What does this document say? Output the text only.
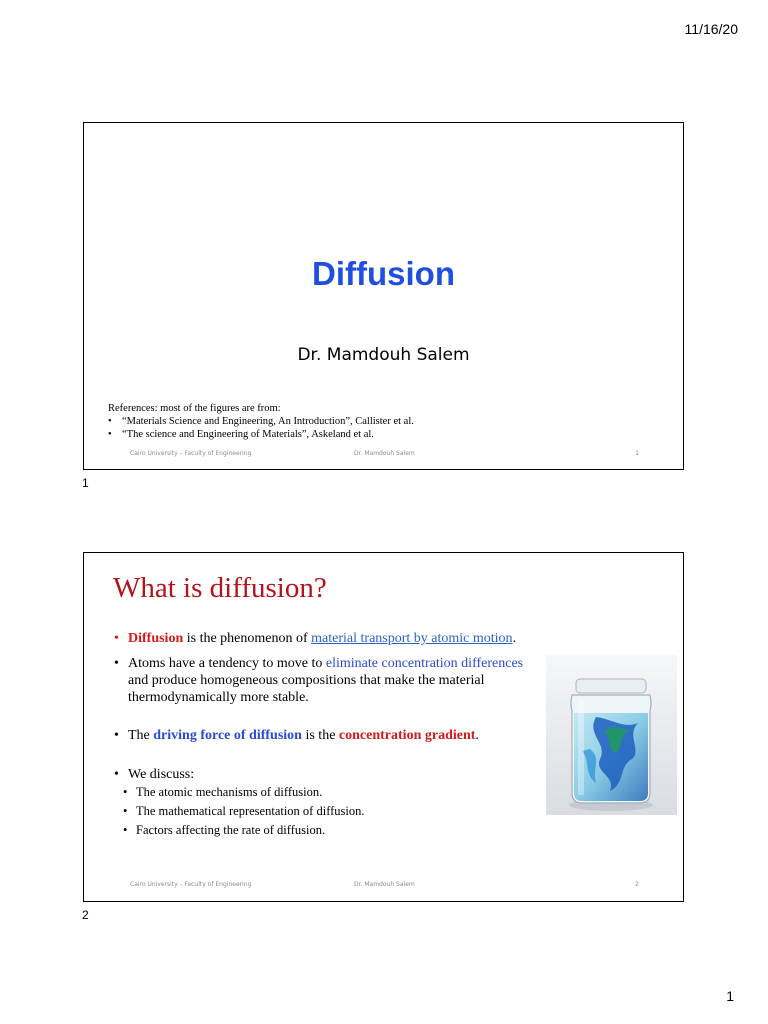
11/16/20
Diffusion
Dr. Mamdouh Salem
References: most of the figures are from:
• “Materials Science and Engineering, An Introduction”, Callister et al.
• “The science and Engineering of Materials”, Askeland et al.
Cairo University – Faculty of Engineering	Dr. Mamdouh Salem	1
1
What is diffusion?
• Diffusion is the phenomenon of material transport by atomic motion.
• Atoms have a tendency to move to eliminate concentration differences and produce homogeneous compositions that make the material thermodynamically more stable.
• The driving force of diffusion is the concentration gradient.
• We discuss:
• The atomic mechanisms of diffusion.
• The mathematical representation of diffusion.
• Factors affecting the rate of diffusion.
Cairo University – Faculty of Engineering	Dr. Mamdouh Salem	2
2
1
